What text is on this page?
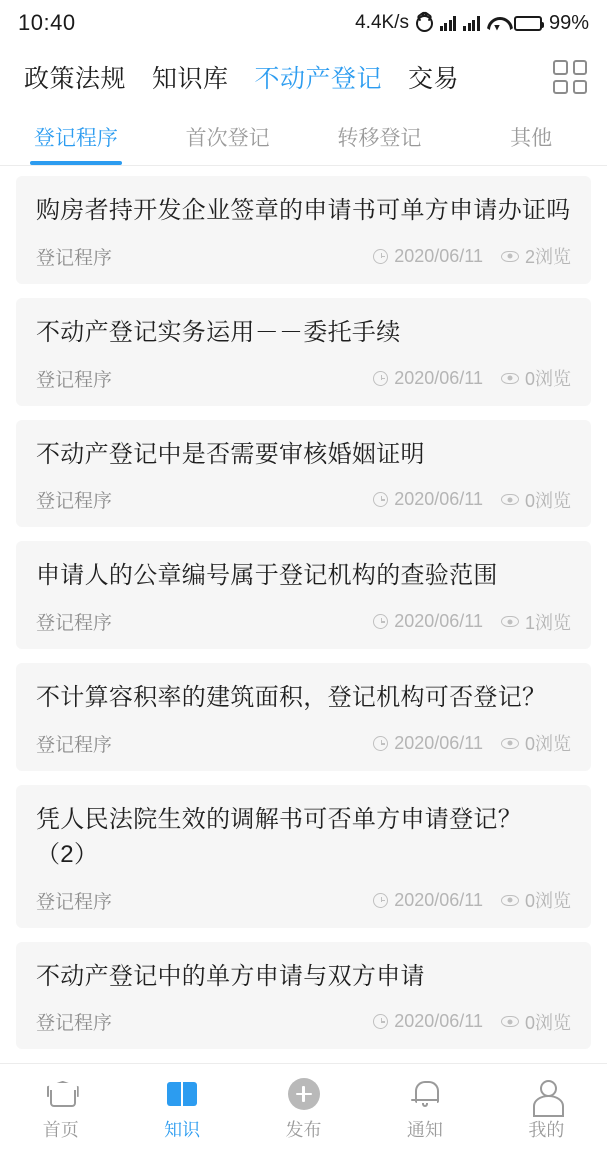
10:40	4.4K/s	99%
政策法规 知识库 不动产登记 交易
登记程序	首次登记	转移登记	其他
购房者持开发企业签章的申请书可单方申请办证吗
登记程序	2020/06/11 2浏览
不动产登记实务运用－－委托手续
登记程序	2020/06/11 0浏览
不动产登记中是否需要审核婚姻证明
登记程序	2020/06/11 0浏览
申请人的公章编号属于登记机构的查验范围
登记程序	2020/06/11 1浏览
不计算容积率的建筑面积，登记机构可否登记？
登记程序	2020/06/11 0浏览
凭人民法院生效的调解书可否单方申请登记？（2）
登记程序	2020/06/11 0浏览
不动产登记中的单方申请与双方申请
登记程序	2020/06/11 0浏览
首页	知识	发布	通知	我的
